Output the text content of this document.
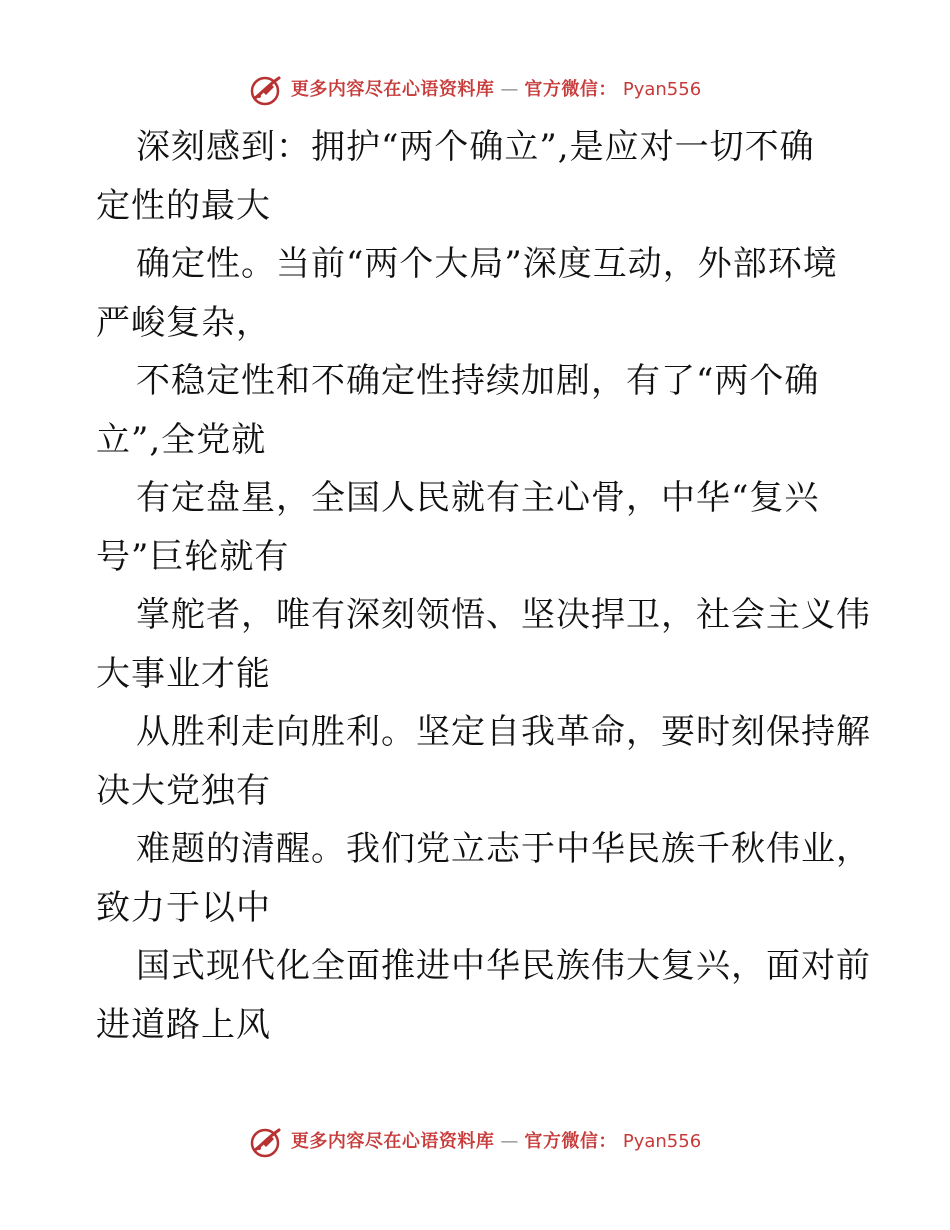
更多内容尽在心语资料库 — 官方微信： Pyan556
深刻感到：拥护“两个确立”,是应对一切不确
定性的最大
确定性。当前“两个大局”深度互动，外部环境
严峻复杂，
不稳定性和不确定性持续加剧，有了“两个确
立”,全党就
有定盘星，全国人民就有主心骨，中华“复兴
号”巨轮就有
掌舵者，唯有深刻领悟、坚决捍卫，社会主义伟
大事业才能
从胜利走向胜利。坚定自我革命，要时刻保持解
决大党独有
难题的清醒。我们党立志于中华民族千秋伟业，
致力于以中
国式现代化全面推进中华民族伟大复兴，面对前
进道路上风
更多内容尽在心语资料库 — 官方微信： Pyan556
